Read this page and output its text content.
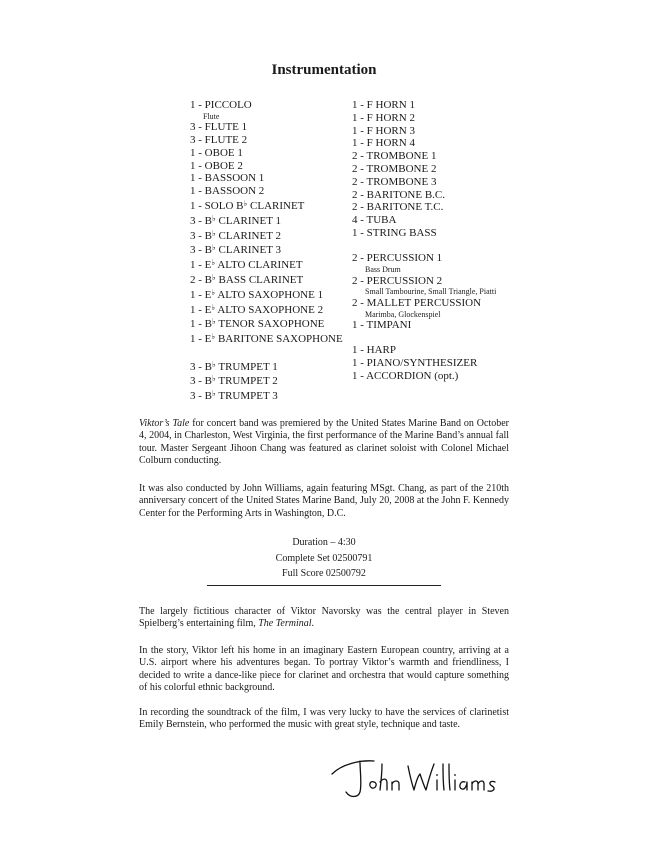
Instrumentation
1 - PICCOLO
Flute
3 - FLUTE 1
3 - FLUTE 2
1 - OBOE 1
1 - OBOE 2
1 - BASSOON 1
1 - BASSOON 2
1 - SOLO B♭ CLARINET
3 - B♭ CLARINET 1
3 - B♭ CLARINET 2
3 - B♭ CLARINET 3
1 - E♭ ALTO CLARINET
2 - B♭ BASS CLARINET
1 - E♭ ALTO SAXOPHONE 1
1 - E♭ ALTO SAXOPHONE 2
1 - B♭ TENOR SAXOPHONE
1 - E♭ BARITONE SAXOPHONE
3 - B♭ TRUMPET 1
3 - B♭ TRUMPET 2
3 - B♭ TRUMPET 3
1 - F HORN 1
1 - F HORN 2
1 - F HORN 3
1 - F HORN 4
2 - TROMBONE 1
2 - TROMBONE 2
2 - TROMBONE 3
2 - BARITONE B.C.
2 - BARITONE T.C.
4 - TUBA
1 - STRING BASS
2 - PERCUSSION 1
Bass Drum
2 - PERCUSSION 2
Small Tambourine, Small Triangle, Piatti
2 - MALLET PERCUSSION
Marimba, Glockenspiel
1 - TIMPANI
1 - HARP
1 - PIANO/SYNTHESIZER
1 - ACCORDION (opt.)
Viktor’s Tale for concert band was premiered by the United States Marine Band on October 4, 2004, in Charleston, West Virginia, the first performance of the Marine Band’s annual fall tour. Master Sergeant Jihoon Chang was featured as clarinet soloist with Colonel Michael Colburn conducting.
It was also conducted by John Williams, again featuring MSgt. Chang, as part of the 210th anniversary concert of the United States Marine Band, July 20, 2008 at the John F. Kennedy Center for the Performing Arts in Washington, D.C.
Duration – 4:30
Complete Set 02500791
Full Score 02500792
The largely fictitious character of Viktor Navorsky was the central player in Steven Spielberg’s entertaining film, The Terminal.
In the story, Viktor left his home in an imaginary Eastern European country, arriving at a U.S. airport where his adventures began. To portray Viktor’s warmth and friendliness, I decided to write a dance-like piece for clarinet and orchestra that would capture something of his colorful ethnic background.
In recording the soundtrack of the film, I was very lucky to have the services of clarinetist Emily Bernstein, who performed the music with great style, technique and taste.
